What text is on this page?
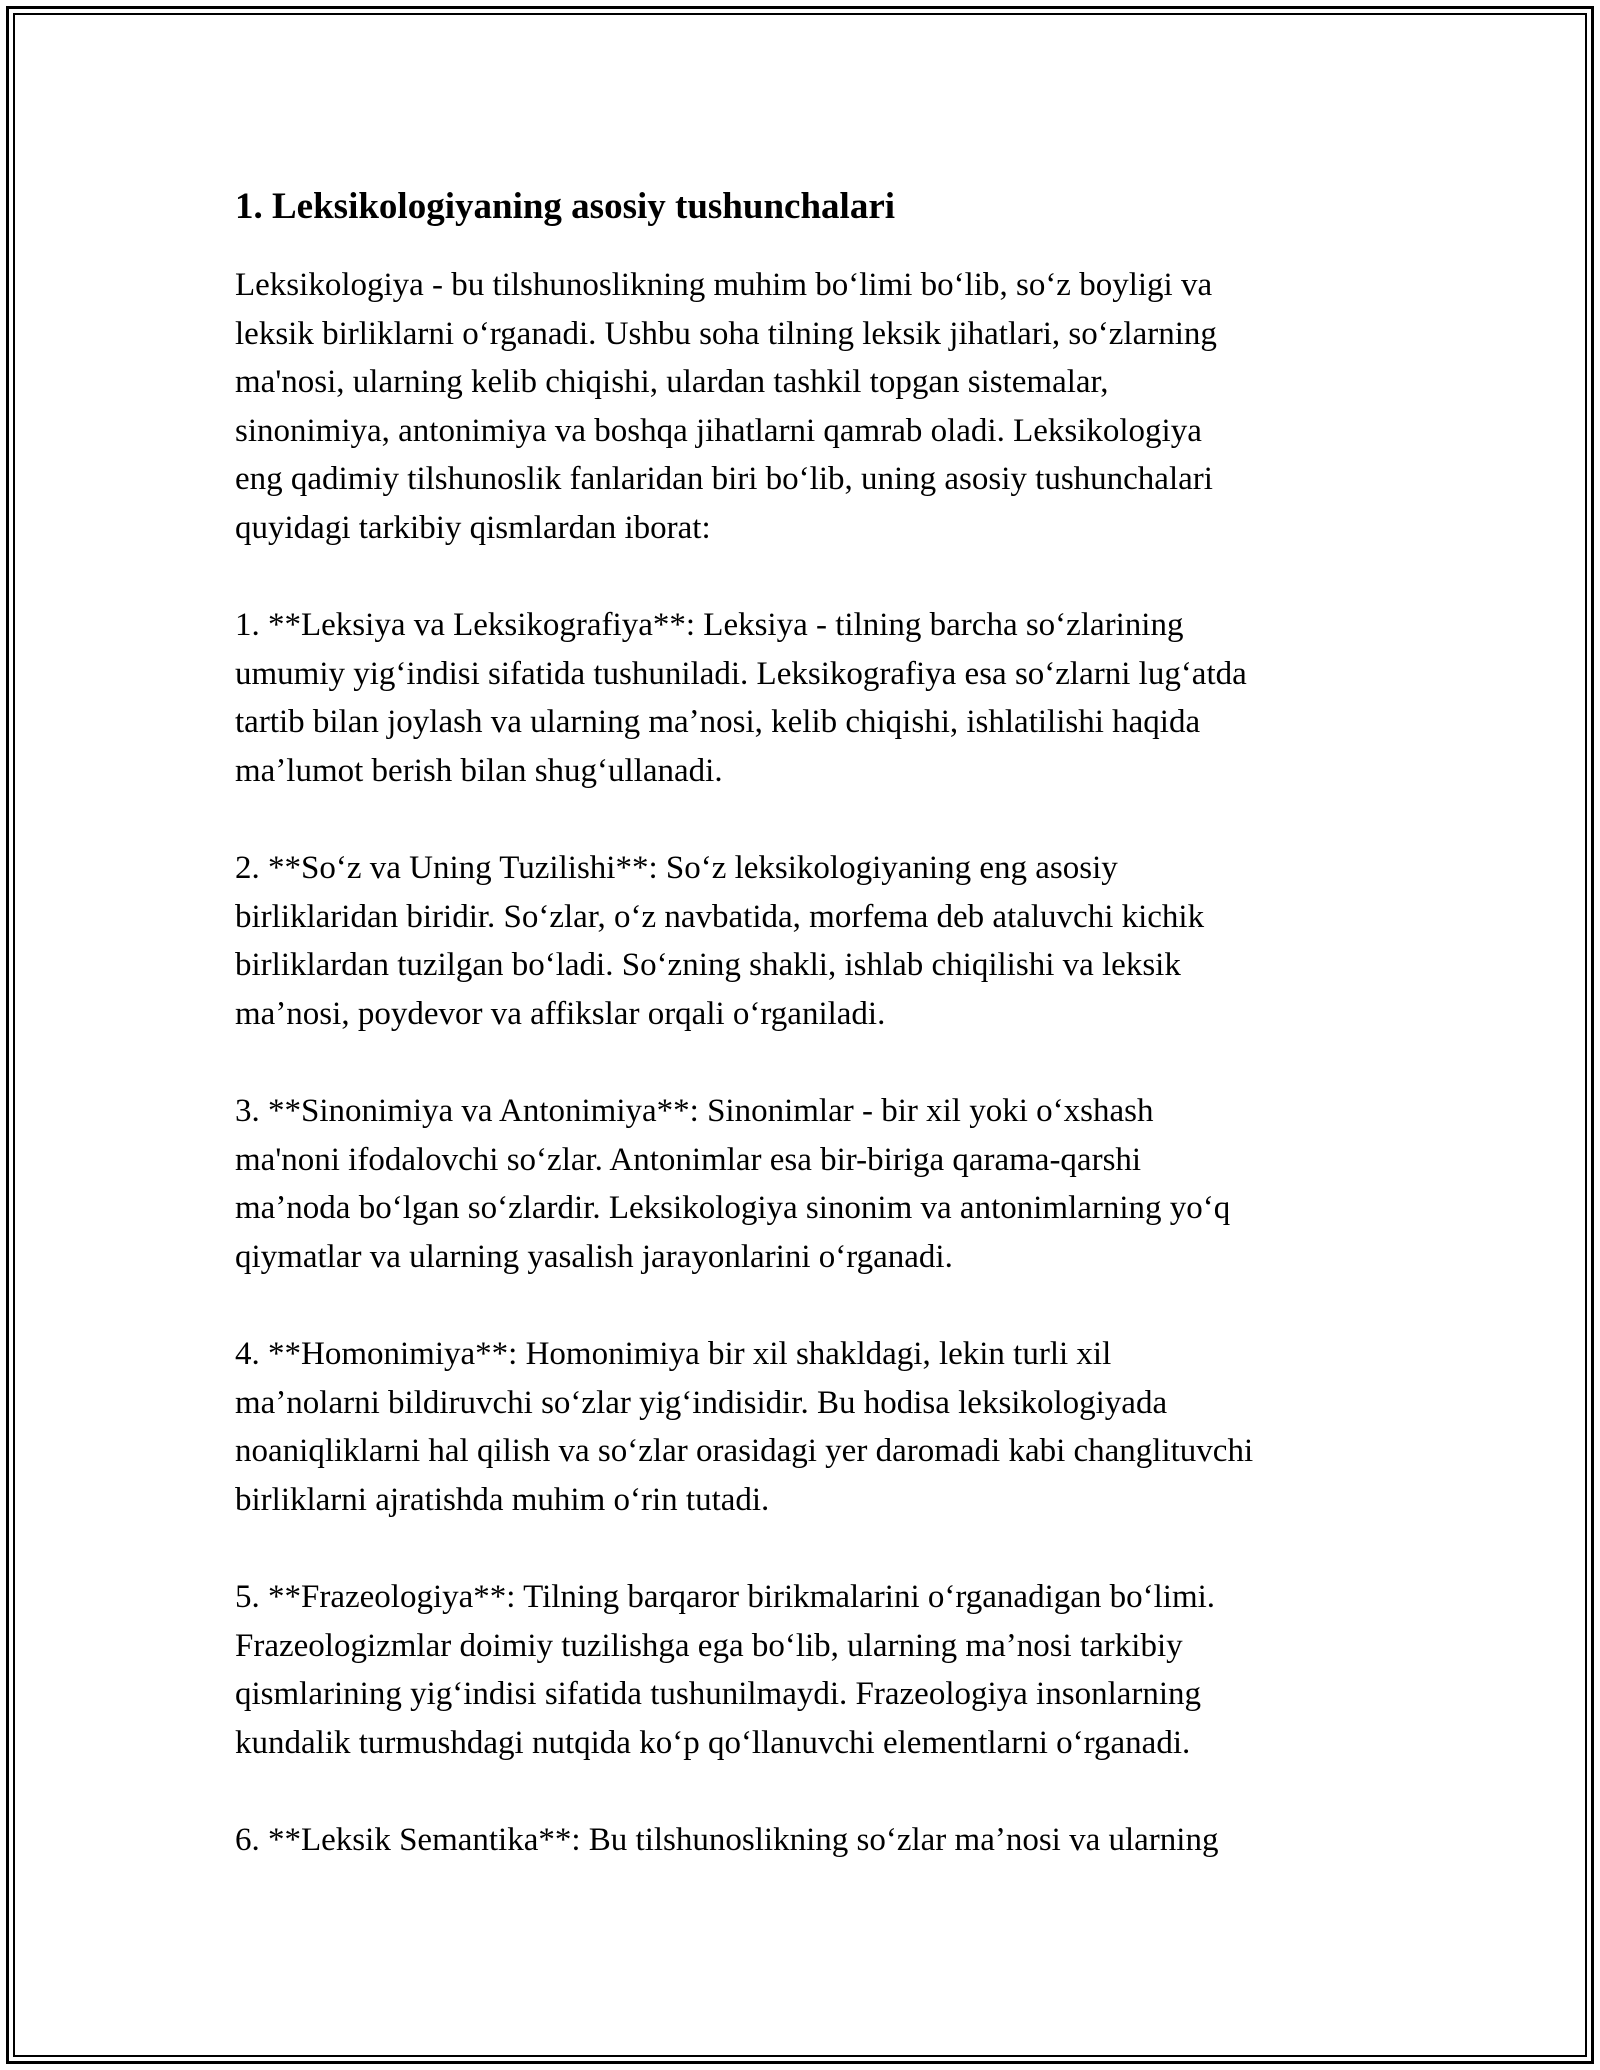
1. Leksikologiyaning asosiy tushunchalari

Leksikologiya - bu tilshunoslikning muhim boʻlimi boʻlib, soʻz boyligi va
leksik birliklarni oʻrganadi. Ushbu soha tilning leksik jihatlari, soʻzlarning
ma'nosi, ularning kelib chiqishi, ulardan tashkil topgan sistemalar,
sinonimiya, antonimiya va boshqa jihatlarni qamrab oladi. Leksikologiya
eng qadimiy tilshunoslik fanlaridan biri boʻlib, uning asosiy tushunchalari
quyidagi tarkibiy qismlardan iborat:

1. **Leksiya va Leksikografiya**: Leksiya - tilning barcha soʻzlarining
umumiy yigʻindisi sifatida tushuniladi. Leksikografiya esa soʻzlarni lugʻatda
tartib bilan joylash va ularning maʼnosi, kelib chiqishi, ishlatilishi haqida
maʼlumot berish bilan shugʻullanadi.

2. **Soʻz va Uning Tuzilishi**: Soʻz leksikologiyaning eng asosiy
birliklaridan biridir. Soʻzlar, oʻz navbatida, morfema deb ataluvchi kichik
birliklardan tuzilgan boʻladi. Soʻzning shakli, ishlab chiqilishi va leksik
maʼnosi, poydevor va affikslar orqali oʻrganiladi.

3. **Sinonimiya va Antonimiya**: Sinonimlar - bir xil yoki oʻxshash
ma'noni ifodalovchi soʻzlar. Antonimlar esa bir-biriga qarama-qarshi
maʼnoda boʻlgan soʻzlardir. Leksikologiya sinonim va antonimlarning yoʻq
qiymatlar va ularning yasalish jarayonlarini oʻrganadi.

4. **Homonimiya**: Homonimiya bir xil shakldagi, lekin turli xil
maʼnolarni bildiruvchi soʻzlar yigʻindisidir. Bu hodisa leksikologiyada
noaniqliklarni hal qilish va soʻzlar orasidagi yer daromadi kabi changlituvchi
birliklarni ajratishda muhim oʻrin tutadi.

5. **Frazeologiya**: Tilning barqaror birikmalarini oʻrganadigan boʻlimi.
Frazeologizmlar doimiy tuzilishga ega boʻlib, ularning maʼnosi tarkibiy
qismlarining yigʻindisi sifatida tushunilmaydi. Frazeologiya insonlarning
kundalik turmushdagi nutqida koʻp qoʻllanuvchi elementlarni oʻrganadi.

6. **Leksik Semantika**: Bu tilshunoslikning soʻzlar maʼnosi va ularning
